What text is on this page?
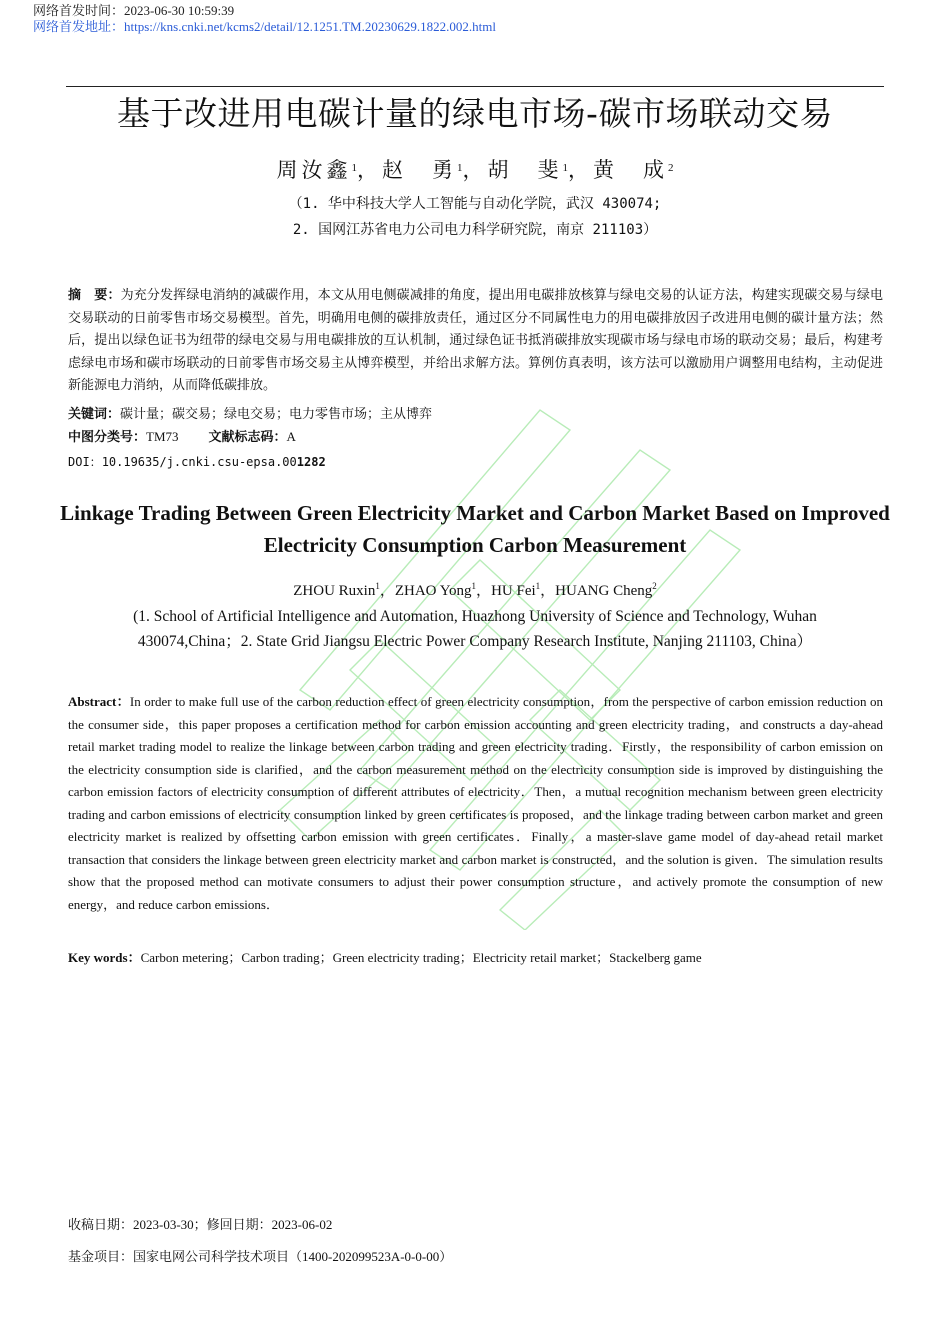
网络首发时间：2023-06-30 10:59:39
网络首发地址：https://kns.cnki.net/kcms2/detail/12.1251.TM.20230629.1822.002.html
基于改进用电碳计量的绿电市场-碳市场联动交易
周汝鑫$^1$，赵　勇$^1$，胡　斐$^1$，黄　成$^2$
（1. 华中科技大学人工智能与自动化学院，武汉 430074;
2. 国网江苏省电力公司电力科学研究院，南京 211103）
摘　要：为充分发挥绿电消纳的减碳作用，本文从用电侧碳减排的角度，提出用电碳排放核算与绿电交易的认证方法，构建实现碳交易与绿电交易联动的日前零售市场交易模型。首先，明确用电侧的碳排放责任，通过区分不同属性电力的用电碳排放因子改进用电侧的碳计量方法；然后，提出以绿色证书为纽带的绿电交易与用电碳排放的互认机制，通过绿色证书抵消碳排放实现碳市场与绿电市场的联动交易；最后，构建考虑绿电市场和碳市场联动的日前零售市场交易主从博弈模型，并给出求解方法。算例仿真表明，该方法可以激励用户调整用电结构，主动促进新能源电力消纳，从而降低碳排放。
关键词：碳计量；碳交易；绿电交易；电力零售市场；主从博弈
中图分类号：TM73 文献标志码：A
DOI：10.19635/j.cnki.csu-epsa.001282
Linkage Trading Between Green Electricity Market and Carbon Market Based on Improved Electricity Consumption Carbon Measurement
ZHOU Ruxin$^1$，ZHAO Yong$^1$，HU Fei$^1$，HUANG Cheng$^2$
(1. School of Artificial Intelligence and Automation, Huazhong University of Science and Technology, Wuhan 430074,China；2. State Grid Jiangsu Electric Power Company Research Institute, Nanjing 211103, China）
Abstract：In order to make full use of the carbon reduction effect of green electricity consumption，from the perspective of carbon emission reduction on the consumer side，this paper proposes a certification method for carbon emission accounting and green electricity trading，and constructs a day-ahead retail market trading model to realize the linkage between carbon trading and green electricity trading．Firstly，the responsibility of carbon emission on the electricity consumption side is clarified，and the carbon measurement method on the electricity consumption side is improved by distinguishing the carbon emission factors of electricity consumption of different attributes of electricity．Then，a mutual recognition mechanism between green electricity trading and carbon emissions of electricity consumption linked by green certificates is proposed，and the linkage trading between carbon market and green electricity market is realized by offsetting carbon emission with green certificates．Finally，a master-slave game model of day-ahead retail market transaction that considers the linkage between green electricity market and carbon market is constructed，and the solution is given．The simulation results show that the proposed method can motivate consumers to adjust their power consumption structure，and actively promote the consumption of new energy，and reduce carbon emissions．
Key words：Carbon metering；Carbon trading；Green electricity trading；Electricity retail market；Stackelberg game
收稿日期：2023-03-30；修回日期：2023-06-02
基金项目：国家电网公司科学技术项目（1400-202099523A-0-0-00）
